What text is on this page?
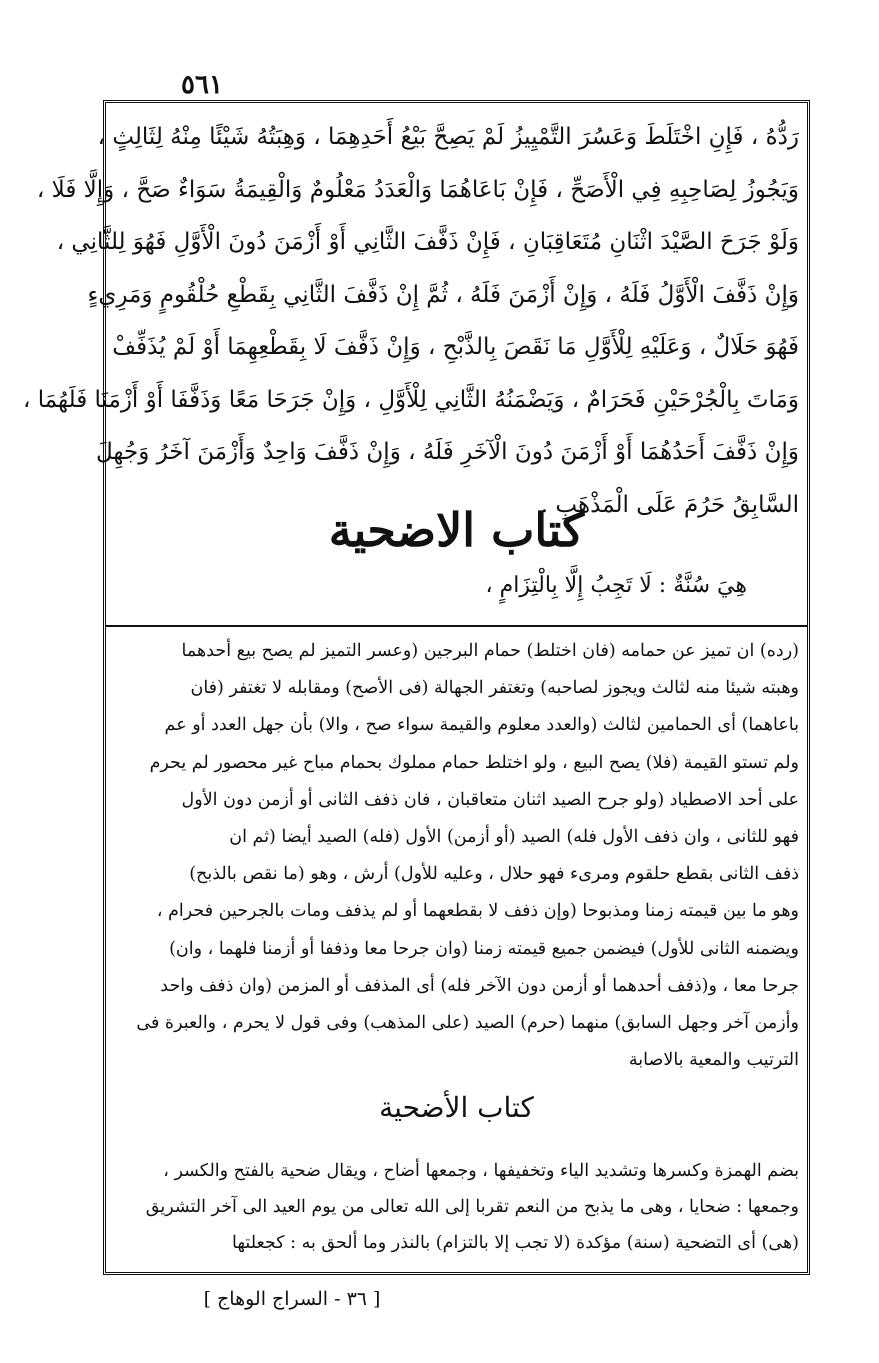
٥٦١
رَدُّهُ ، فَإِنِ اخْتَلَطَ وَعَسُرَ التَّمْيِيزُ لَمْ يَصِحَّ بَيْعُ أَحَدِهِمَا ، وَهِبَتُهُ شَيْئًا مِنْهُ لِثَالِثٍ ،
وَيَجُوزُ لِصَاحِبِهِ فِي الْأَصَحِّ ، فَإِنْ بَاعَاهُمَا وَالْعَدَدُ مَعْلُومٌ وَالْقِيمَةُ سَوَاءٌ صَحَّ ، وَإِلَّا فَلَا ،
وَلَوْ جَرَحَ الصَّيْدَ اثْنَانِ مُتَعَاقِبَانِ ، فَإِنْ ذَفَّفَ الثَّانِي أَوْ أَزْمَنَ دُونَ الْأَوَّلِ فَهُوَ لِلثَّانِي ،
وَإِنْ ذَفَّفَ الْأَوَّلُ فَلَهُ ، وَإِنْ أَزْمَنَ فَلَهُ ، ثُمَّ إِنْ ذَفَّفَ الثَّانِي بِقَطْعِ حُلْقُومٍ وَمَرِيءٍ
فَهُوَ حَلَالٌ ، وَعَلَيْهِ لِلْأَوَّلِ مَا نَقَصَ بِالذَّبْحِ ، وَإِنْ ذَفَّفَ لَا بِقَطْعِهِمَا أَوْ لَمْ يُذَفِّفْ
وَمَاتَ بِالْجُرْحَيْنِ فَحَرَامٌ ، وَيَضْمَنُهُ الثَّانِي لِلْأَوَّلِ ، وَإِنْ جَرَحَا مَعًا وَذَفَّفَا أَوْ أَزْمَنَا فَلَهُمَا ،
وَإِنْ ذَفَّفَ أَحَدُهُمَا أَوْ أَزْمَنَ دُونَ الْآخَرِ فَلَهُ ، وَإِنْ ذَفَّفَ وَاحِدٌ وَأَزْمَنَ آخَرُ وَجُهِلَ
السَّابِقُ حَرُمَ عَلَى الْمَذْهَبِ .
كتاب الاضحية
هِيَ سُنَّةٌ : لَا تَجِبُ إِلَّا بِالْتِزَامٍ ،
(رده) ان تميز عن حمامه (فان اختلط) حمام البرجين (وعسر التميز لم يصح بيع أحدهما
وهبته شيئا منه لثالث ويجوز لصاحبه) وتغتفر الجهالة (فى الأصح) ومقابله لا تغتفر (فان
باعاهما) أى الحمامين لثالث (والعدد معلوم والقيمة سواء صح ، والا) بأن جهل العدد أو عم
ولم تستو القيمة (فلا) يصح البيع ، ولو اختلط حمام مملوك بحمام مباح غير محصور لم يحرم
على أحد الاصطياد (ولو جرح الصيد اثنان متعاقبان ، فان ذفف الثانى أو أزمن دون الأول
فهو للثانى ، وان ذفف الأول فله) الصيد (أو أزمن) الأول (فله) الصيد أيضا (ثم ان
ذفف الثانى بقطع حلقوم ومرىء فهو حلال ، وعليه للأول) أرش ، وهو (ما نقص بالذبح)
وهو ما بين قيمته زمنا ومذبوحا (وإن ذفف لا بقطعهما أو لم يذفف ومات بالجرحين فحرام ،
ويضمنه الثانى للأول) فيضمن جميع قيمته زمنا (وان جرحا معا وذففا أو أزمنا فلهما ، وان)
جرحا معا ، و(ذفف أحدهما أو أزمن دون الآخر فله) أى المذفف أو المزمن (وان ذفف واحد
وأزمن آخر وجهل السابق) منهما (حرم) الصيد (على المذهب) وفى قول لا يحرم ، والعبرة فى
الترتيب والمعية بالاصابة
كتاب الأضحية
بضم الهمزة وكسرها وتشديد الياء وتخفيفها ، وجمعها أضاح ، ويقال ضحية بالفتح والكسر ،
وجمعها : ضحايا ، وهى ما يذبح من النعم تقربا إلى الله تعالى من يوم العيد الى آخر التشريق
(هى) أى التضحية (سنة) مؤكدة (لا تجب إلا بالتزام) بالنذر وما ألحق به : كجعلتها
[ ٣٦ - السراج الوهاج ]
